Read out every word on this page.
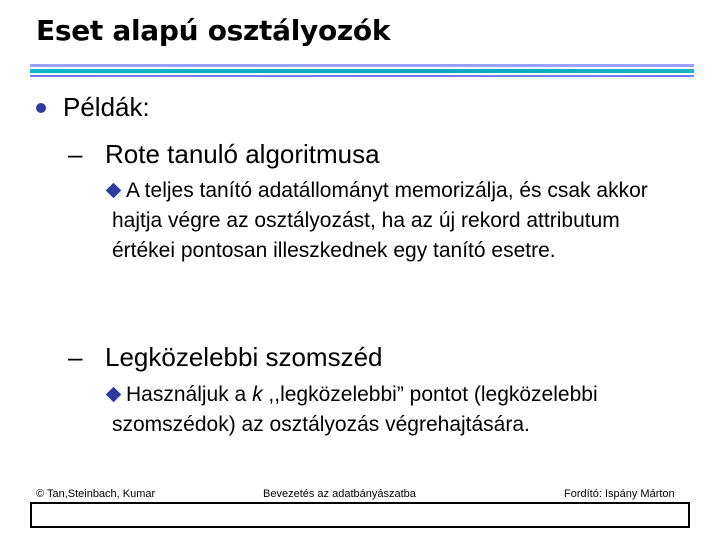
Eset alapú osztályozók
Példák:
– Rote tanuló algoritmusa
A teljes tanító adatállományt memorizálja, és csak akkor hajtja végre az osztályozást, ha az új rekord attributum értékei pontosan illeszkednek egy tanító esetre.
– Legközelebbi szomszéd
Használjuk a k ,,legközelebbi” pontot (legközelebbi szomszédok) az osztályozás végrehajtására.
© Tan,Steinbach, Kumar	Bevezetés az adatbányászatba	Fordító: Ispány Márton
